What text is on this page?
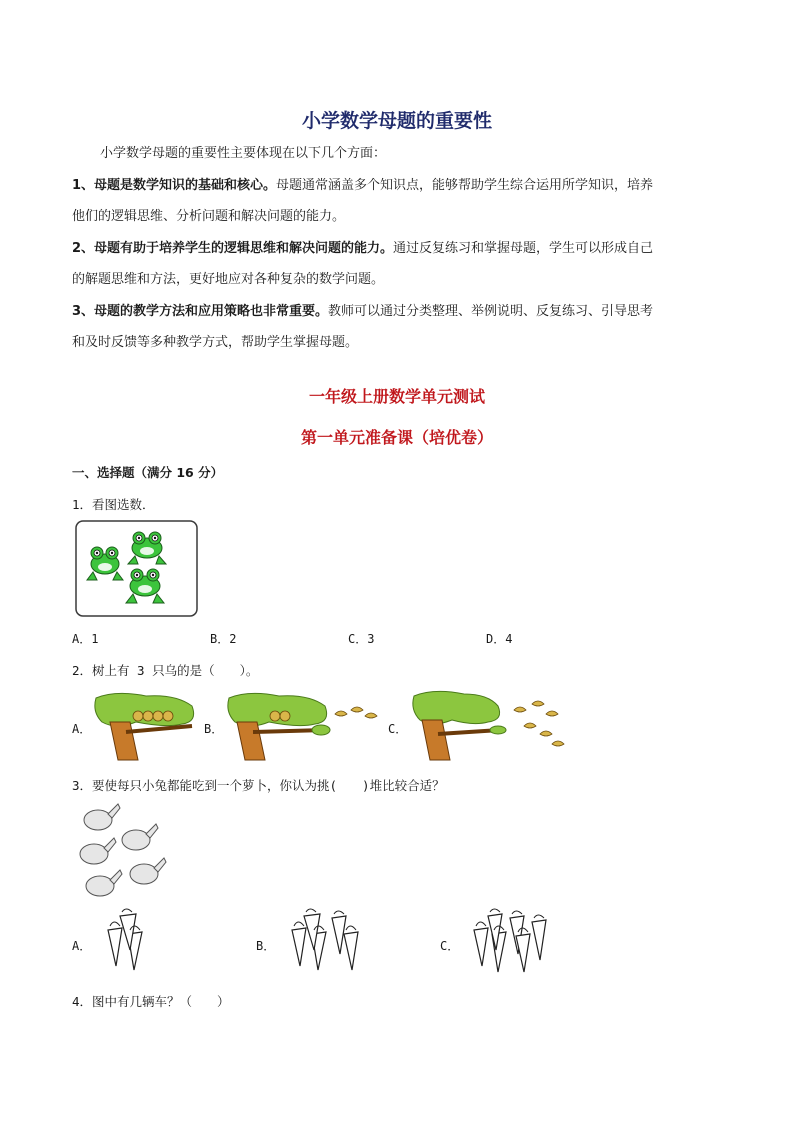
小学数学母题的重要性
小学数学母题的重要性主要体现在以下几个方面：
1、母题是数学知识的基础和核心。母题通常涵盖多个知识点，能够帮助学生综合运用所学知识，培养
他们的逻辑思维、分析问题和解决问题的能力。
2、母题有助于培养学生的逻辑思维和解决问题的能力。通过反复练习和掌握母题，学生可以形成自己
的解题思维和方法，更好地应对各种复杂的数学问题。
3、母题的教学方法和应用策略也非常重要。教师可以通过分类整理、举例说明、反复练习、引导思考
和及时反馈等多种教学方式，帮助学生掌握母题。
一年级上册数学单元测试
第一单元准备课（培优卷）
一、选择题（满分 16 分）
1．看图选数．
A．1	B．2	C．3	D．4
2．树上有 3 只乌的是（　　）。
A．	B．	C．
3．要使每只小兔都能吃到一个萝卜，你认为挑(　　)堆比较合适？
A．	B．	C．
4．图中有几辆车？（　　）
